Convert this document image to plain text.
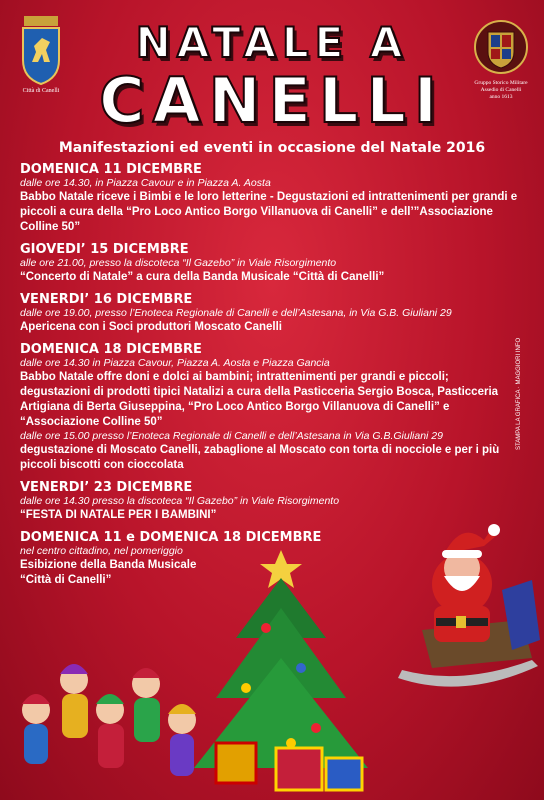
Città di Canelli
Gruppo Storico Militare
Assedio di Canelli
anno 1613
NATALE A
CANELLI
Manifestazioni ed eventi in occasione del Natale 2016
DOMENICA 11 DICEMBRE
dalle ore 14.30, in Piazza Cavour e in Piazza A. Aosta
Babbo Natale riceve i Bimbi e le loro letterine - Degustazioni ed intrattenimenti per grandi e piccoli a cura della “Pro Loco Antico Borgo Villanuova di Canelli” e dell’”Associazione Colline 50”
GIOVEDI’ 15 DICEMBRE
alle ore 21.00, presso la discoteca “Il Gazebo” in Viale Risorgimento
“Concerto di Natale” a cura della Banda Musicale “Città di Canelli”
VENERDI’ 16 DICEMBRE
dalle ore 19.00, presso l’Enoteca Regionale di Canelli e dell’Astesana, in Via G.B. Giuliani 29
Apericena con i Soci produttori Moscato Canelli
DOMENICA 18 DICEMBRE
dalle ore 14.30 in Piazza Cavour, Piazza A. Aosta e Piazza Gancia
Babbo Natale offre doni e dolci ai bambini; intrattenimenti per grandi e piccoli; degustazioni di prodotti tipici Natalizi a cura della Pasticceria Sergio Bosca, Pasticceria Artigiana di Berta Giuseppina, “Pro Loco Antico Borgo Villanuova di Canelli” e “Associazione Colline 50”
dalle ore 15.00 presso l’Enoteca Regionale di Canelli e dell’Astesana in Via G.B.Giuliani 29
degustazione di Moscato Canelli, zabaglione al Moscato con torta di nocciole e per i più piccoli biscotti con cioccolata
VENERDI’ 23 DICEMBRE
dalle ore 14.30 presso la discoteca “Il Gazebo” in Viale Risorgimento
“FESTA DI NATALE PER I BAMBINI”
DOMENICA 11 e DOMENICA 18 DICEMBRE
nel centro cittadino, nel pomeriggio
Esibizione della Banda Musicale
“Città di Canelli”
STAMPA LA GRAFICA · MAGGIORI INFO
